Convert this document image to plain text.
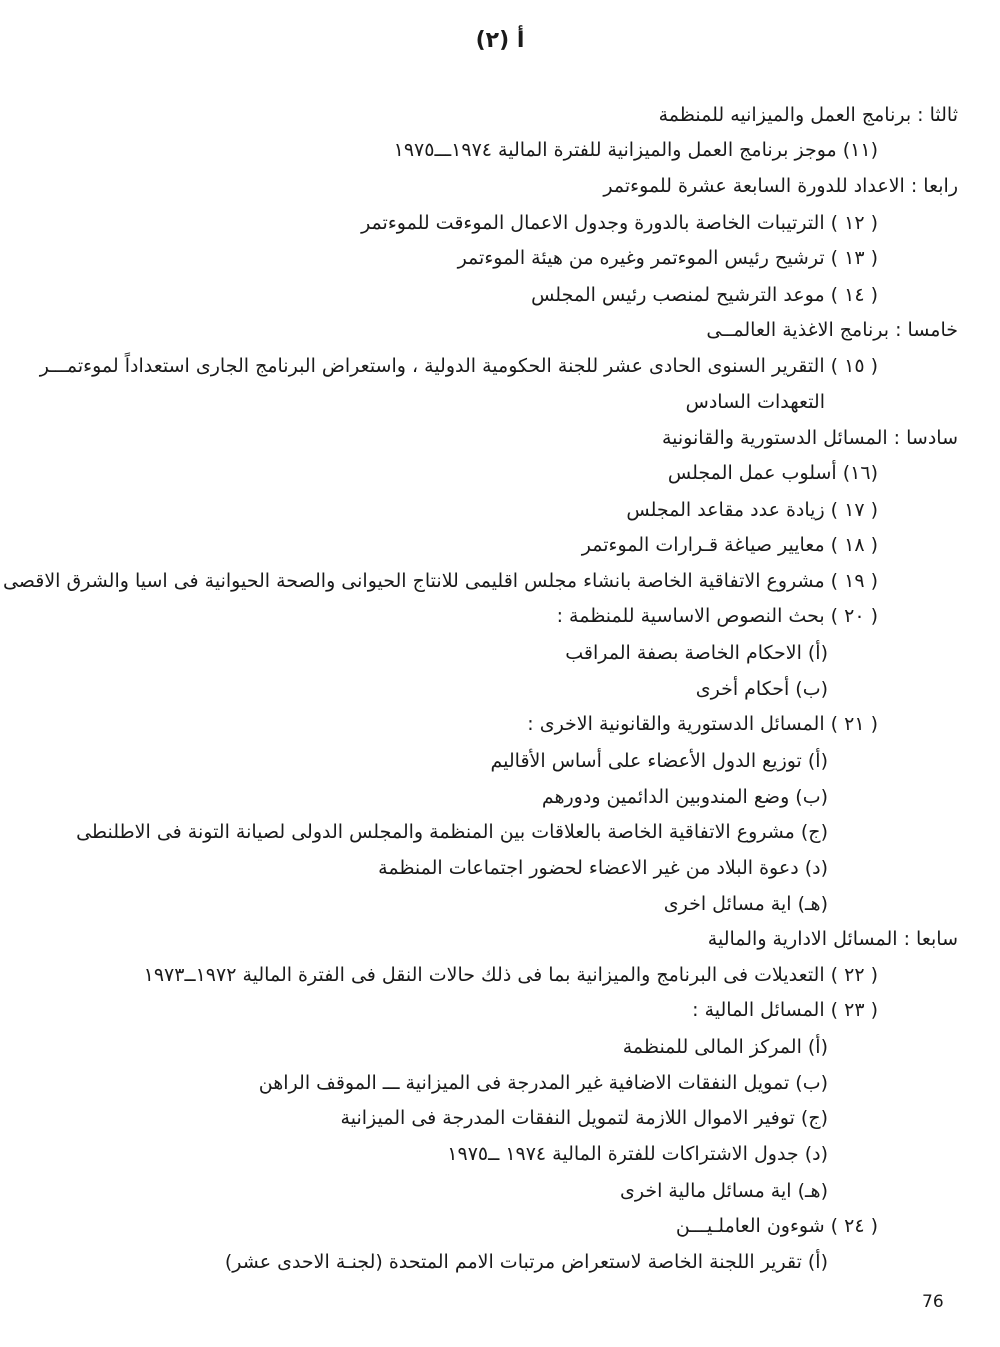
أ (٢)
ثالثا : برنامج العمل والميزانيه للمنظمة
(١١) موجز برنامج العمل والميزانية للفترة المالية ١٩٧٤ـــ١٩٧٥
رابعا : الاعداد للدورة السابعة عشرة للموءتمر
( ١٢ ) الترتيبات الخاصة بالدورة وجدول الاعمال الموءقت للموءتمر
( ١٣ ) ترشيح رئيس الموءتمر وغيره من هيئة الموءتمر
( ١٤ ) موعد الترشيح لمنصب رئيس المجلس
خامسا : برنامج الاغذية العالمــى
( ١٥ ) التقرير السنوى الحادى عشر للجنة الحكومية الدولية ، واستعراض البرنامج الجارى استعداداً لموءتمـــر
التعهدات السادس
سادسا : المسائل الدستورية والقانونية
(١٦) أسلوب عمل المجلس
( ١٧ ) زيادة عدد مقاعد المجلس
( ١٨ ) معايير صياغة قـرارات الموءتمر
( ١٩ ) مشروع الاتفاقية الخاصة بانشاء مجلس اقليمى للانتاج الحيوانى والصحة الحيوانية فى اسيا والشرق الاقصى
( ٢٠ ) بحث النصوص الاساسية للمنظمة :
(أ) الاحكام الخاصة بصفة المراقب
(ب) أحكام أخرى
( ٢١ ) المسائل الدستورية والقانونية الاخرى :
(أ) توزيع الدول الأعضاء على أساس الأقاليم
(ب) وضع المندوبين الدائمين ودورهم
(ج) مشروع الاتفاقية الخاصة بالعلاقات بين المنظمة والمجلس الدولى لصيانة التونة فى الاطلنطى
(د) دعوة البلاد من غير الاعضاء لحضور اجتماعات المنظمة
(هـ) اية مسائل اخرى
سابعا : المسائل الادارية والمالية
( ٢٢ ) التعديلات فى البرنامج والميزانية بما فى ذلك حالات النقل فى الفترة المالية ١٩٧٢ــ١٩٧٣
( ٢٣ ) المسائل المالية :
(أ) المركز المالى للمنظمة
(ب) تمويل النفقات الاضافية غير المدرجة فى الميزانية ـــ الموقف الراهن
(ج) توفير الاموال اللازمة لتمويل النفقات المدرجة فى الميزانية
(د) جدول الاشتراكات للفترة المالية ١٩٧٤ ــ١٩٧٥
(هـ) اية مسائل مالية اخرى
( ٢٤ ) شوءون العاملـيـــن
(أ) تقرير اللجنة الخاصة لاستعراض مرتبات الامم المتحدة (لجنـة الاحدى عشر)
76
